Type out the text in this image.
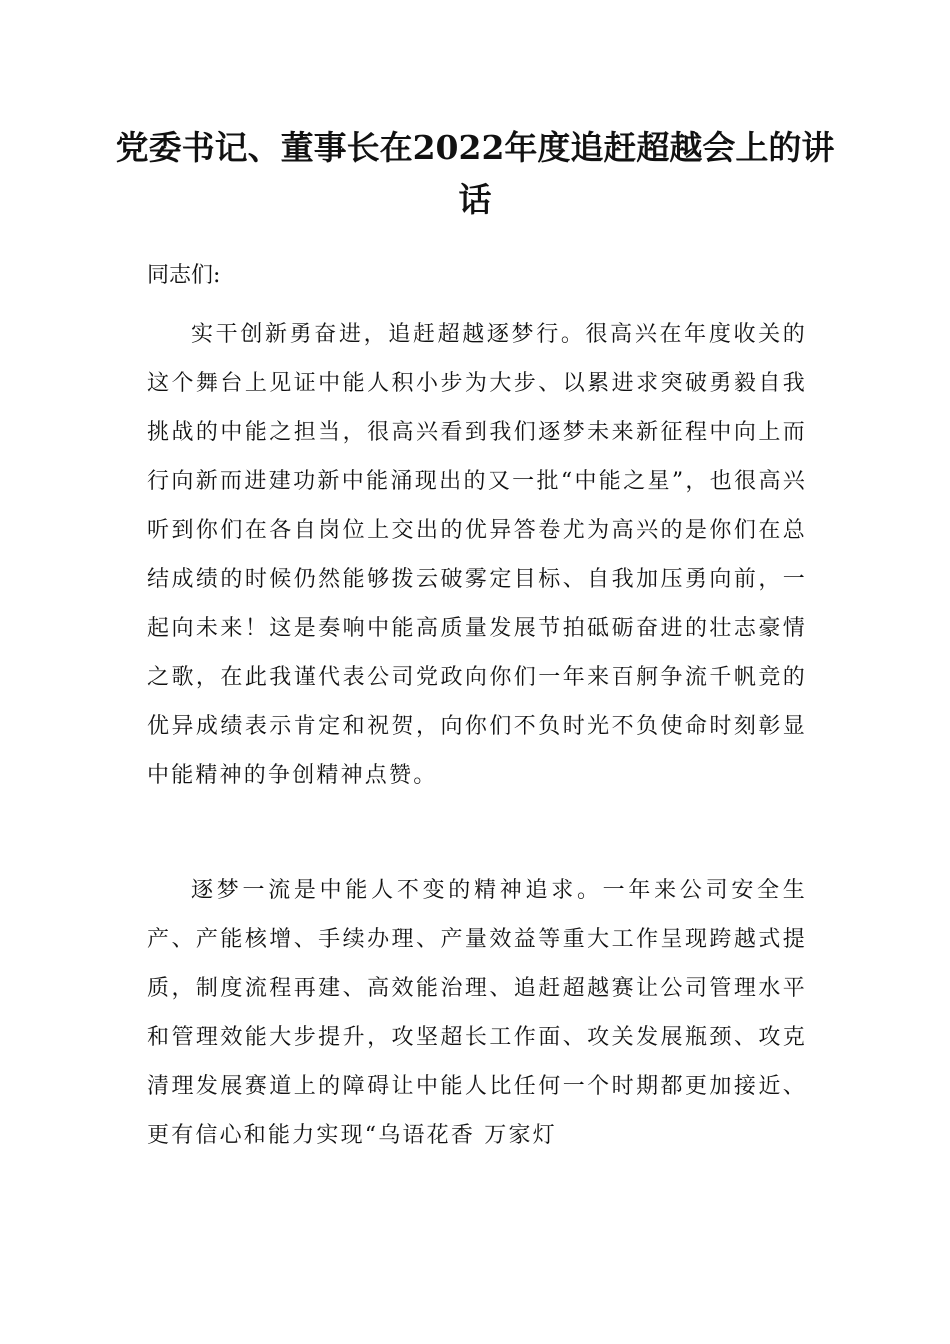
党委书记、董事长在2022年度追赶超越会上的讲话

同志们:

实干创新勇奋进，追赶超越逐梦行。很高兴在年度收关的这个舞台上见证中能人积小步为大步、以累进求突破勇毅自我挑战的中能之担当，很高兴看到我们逐梦未来新征程中向上而行向新而进建功新中能涌现出的又一批“中能之星”，也很高兴听到你们在各自岗位上交出的优异答卷尤为高兴的是你们在总结成绩的时候仍然能够拨云破雾定目标、自我加压勇向前，一起向未来！这是奏响中能高质量发展节拍砥砺奋进的壮志豪情之歌，在此我谨代表公司党政向你们一年来百舸争流千帆竞的优异成绩表示肯定和祝贺，向你们不负时光不负使命时刻彰显中能精神的争创精神点赞。

逐梦一流是中能人不变的精神追求。一年来公司安全生产、产能核增、手续办理、产量效益等重大工作呈现跨越式提质，制度流程再建、高效能治理、追赶超越赛让公司管理水平和管理效能大步提升，攻坚超长工作面、攻关发展瓶颈、攻克清理发展赛道上的障碍让中能人比任何一个时期都更加接近、更有信心和能力实现“乌语花香 万家灯
